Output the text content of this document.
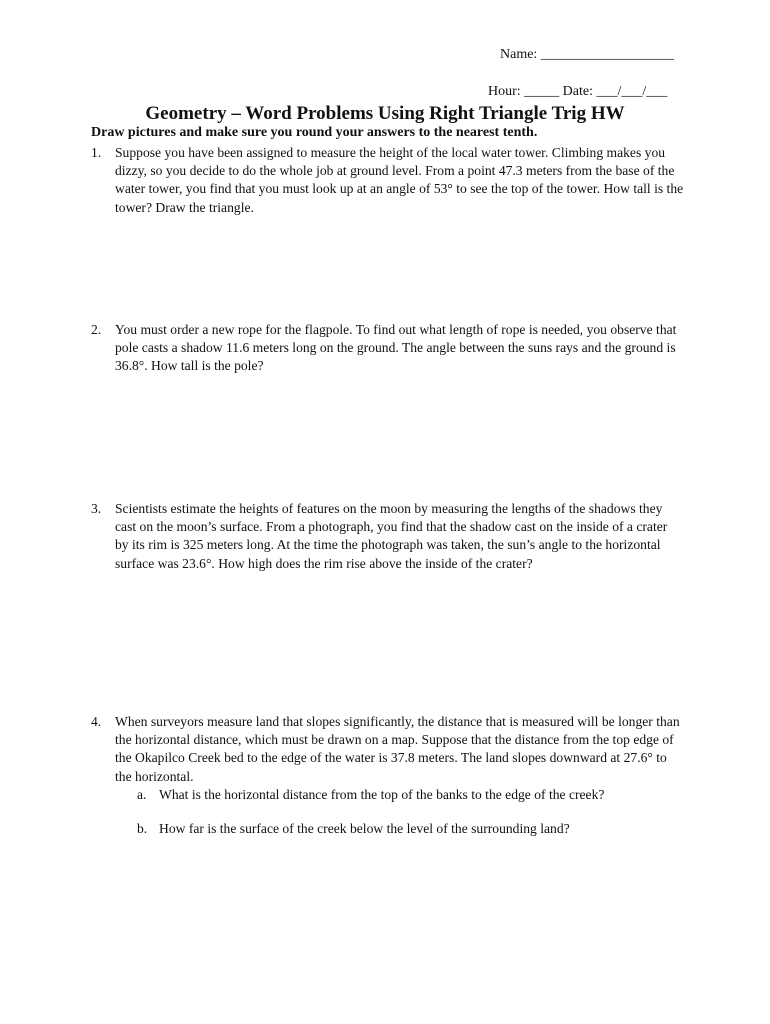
Name: ___________________
Hour: _____ Date: ___/___/___
Geometry – Word Problems Using Right Triangle Trig HW
Draw pictures and make sure you round your answers to the nearest tenth.
1. Suppose you have been assigned to measure the height of the local water tower. Climbing makes you dizzy, so you decide to do the whole job at ground level. From a point 47.3 meters from the base of the water tower, you find that you must look up at an angle of 53° to see the top of the tower. How tall is the tower? Draw the triangle.
2. You must order a new rope for the flagpole. To find out what length of rope is needed, you observe that pole casts a shadow 11.6 meters long on the ground. The angle between the suns rays and the ground is 36.8°. How tall is the pole?
3. Scientists estimate the heights of features on the moon by measuring the lengths of the shadows they cast on the moon’s surface. From a photograph, you find that the shadow cast on the inside of a crater by its rim is 325 meters long. At the time the photograph was taken, the sun’s angle to the horizontal surface was 23.6°. How high does the rim rise above the inside of the crater?
4. When surveyors measure land that slopes significantly, the distance that is measured will be longer than the horizontal distance, which must be drawn on a map. Suppose that the distance from the top edge of the Okapilco Creek bed to the edge of the water is 37.8 meters. The land slopes downward at 27.6° to the horizontal.
a. What is the horizontal distance from the top of the banks to the edge of the creek?
b. How far is the surface of the creek below the level of the surrounding land?
